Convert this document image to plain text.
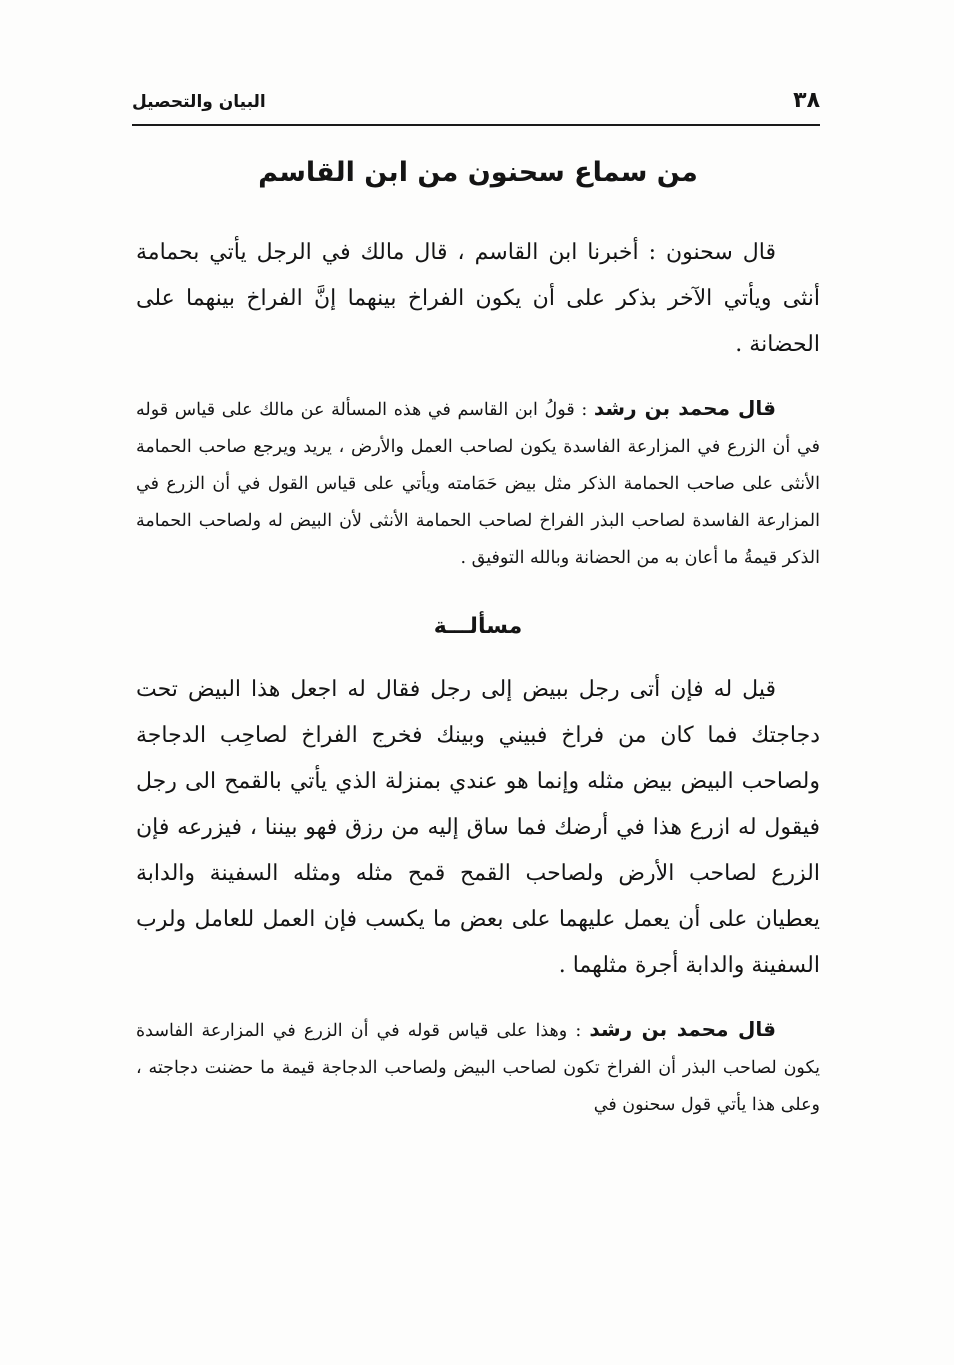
٣٨
البيان والتحصيل
من سماع سحنون من ابن القاسم

قال سحنون : أخبرنا ابن القاسم ، قال مالك في الرجل يأتي بحمامة أنثى ويأتي الآخر بذكر على أن يكون الفراخ بينهما إنَّ الفراخ بينهما على الحضانة .

قال محمد بن رشد : قولُ ابن القاسم في هذه المسألة عن مالك على قياس قوله في أن الزرع في المزارعة الفاسدة يكون لصاحب العمل والأرض ، يريد ويرجع صاحب الحمامة الأنثى على صاحب الحمامة الذكر مثل بيض حَمَامته ويأتي على قياس القول في أن الزرع في المزارعة الفاسدة لصاحب البذر الفراخ لصاحب الحمامة الأنثى لأن البيض له ولصاحب الحمامة الذكر قيمةُ ما أعان به من الحضانة وبالله التوفيق .

مسألـــة

قيل له فإن أتى رجل ببيض إلى رجل فقال له اجعل هذا البيض تحت دجاجتك فما كان من فراخ فبيني وبينك فخرج الفراخ لصاحِب الدجاجة ولصاحب البيض بيض مثله وإنما هو عندي بمنزلة الذي يأتي بالقمح الى رجل فيقول له ازرع هذا في أرضك فما ساق إليه من رزق فهو بيننا ، فيزرعه فإن الزرع لصاحب الأرض ولصاحب القمح قمح مثله ومثله السفينة والدابة يعطيان على أن يعمل عليهما على بعض ما يكسب فإن العمل للعامل ولرب السفينة والدابة أجرة مثلهما .

قال محمد بن رشد : وهذا على قياس قوله في أن الزرع في المزارعة الفاسدة يكون لصاحب البذر أن الفراخ تكون لصاحب البيض ولصاحب الدجاجة قيمة ما حضنت دجاجته ، وعلى هذا يأتي قول سحنون في
